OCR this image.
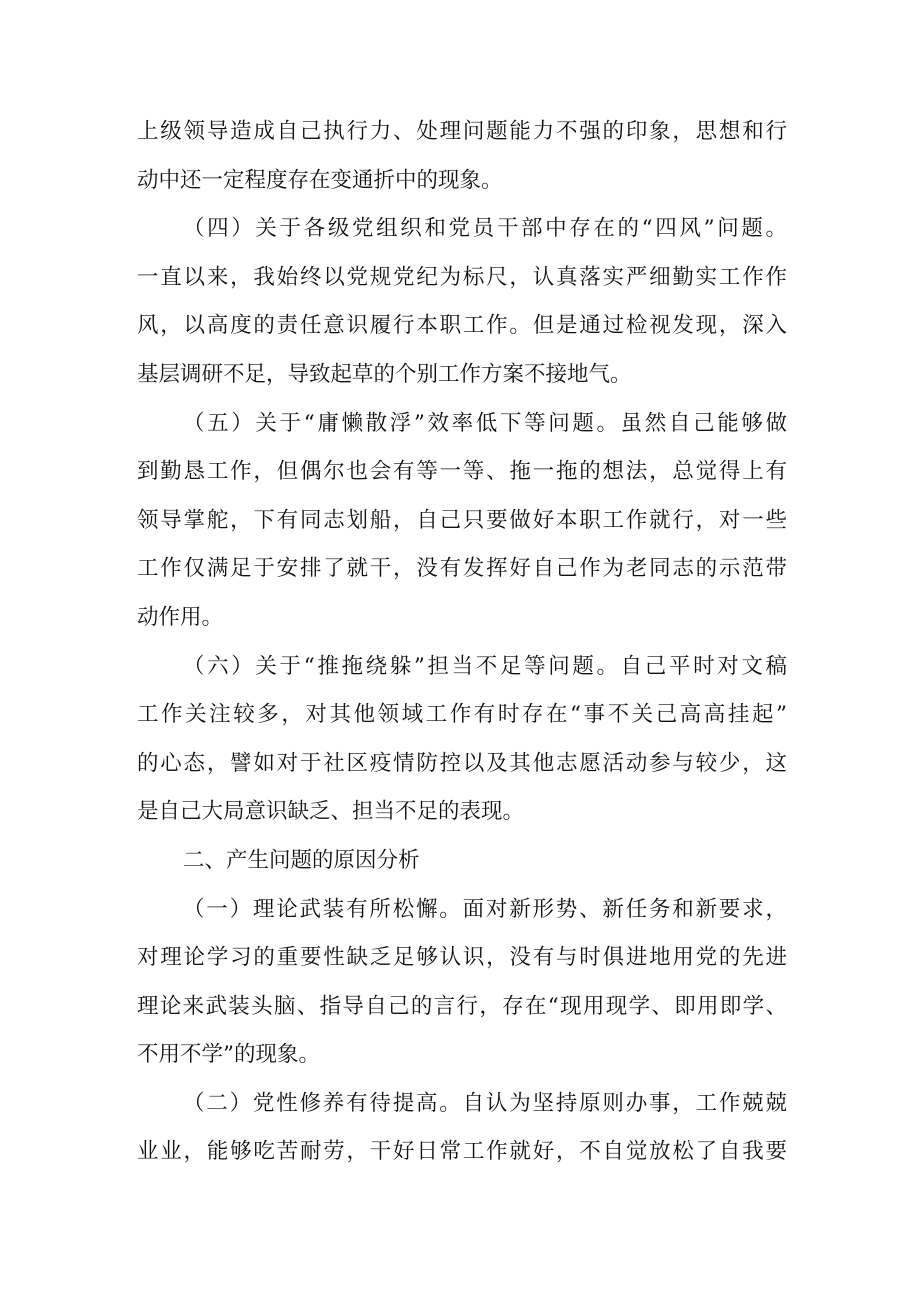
上级领导造成自己执行力、处理问题能力不强的印象，思想和行
动中还一定程度存在变通折中的现象。
（四）关于各级党组织和党员干部中存在的“四风”问题。
一直以来，我始终以党规党纪为标尺，认真落实严细勤实工作作
风，以高度的责任意识履行本职工作。但是通过检视发现，深入
基层调研不足，导致起草的个别工作方案不接地气。
（五）关于“庸懒散浮”效率低下等问题。虽然自己能够做
到勤恳工作，但偶尔也会有等一等、拖一拖的想法，总觉得上有
领导掌舵，下有同志划船，自己只要做好本职工作就行，对一些
工作仅满足于安排了就干，没有发挥好自己作为老同志的示范带
动作用。
（六）关于“推拖绕躲”担当不足等问题。自己平时对文稿
工作关注较多，对其他领域工作有时存在“事不关己高高挂起”
的心态，譬如对于社区疫情防控以及其他志愿活动参与较少，这
是自己大局意识缺乏、担当不足的表现。
二、产生问题的原因分析
（一）理论武装有所松懈。面对新形势、新任务和新要求，
对理论学习的重要性缺乏足够认识，没有与时俱进地用党的先进
理论来武装头脑、指导自己的言行，存在“现用现学、即用即学、
不用不学”的现象。
（二）党性修养有待提高。自认为坚持原则办事，工作兢兢
业业，能够吃苦耐劳，干好日常工作就好，不自觉放松了自我要
